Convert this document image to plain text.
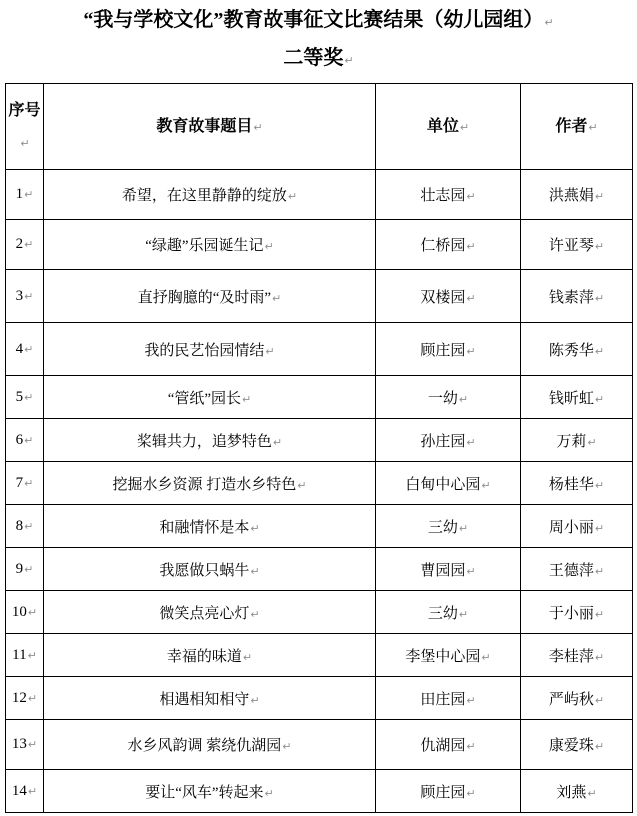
“我与学校文化”教育故事征文比赛结果（幼儿园组）↵
二等奖↵
序号↵	教育故事题目↵	单位↵	作者↵
1↵	希望，在这里静静的绽放↵	壮志园↵	洪燕娟↵
2↵	“绿趣”乐园诞生记↵	仁桥园↵	许亚琴↵
3↵	直抒胸臆的“及时雨”↵	双楼园↵	钱素萍↵
4↵	我的民艺怡园情结↵	顾庄园↵	陈秀华↵
5↵	“管纸”园长↵	一幼↵	钱昕虹↵
6↵	桨辑共力，追梦特色↵	孙庄园↵	万莉↵
7↵	挖掘水乡资源 打造水乡特色↵	白甸中心园↵	杨桂华↵
8↵	和融情怀是本↵	三幼↵	周小丽↵
9↵	我愿做只蜗牛↵	曹园园↵	王德萍↵
10↵	微笑点亮心灯↵	三幼↵	于小丽↵
11↵	幸福的味道↵	李堡中心园↵	李桂萍↵
12↵	相遇相知相守↵	田庄园↵	严屿秋↵
13↵	水乡风韵调 萦绕仇湖园↵	仇湖园↵	康爱珠↵
14↵	要让“风车”转起来↵	顾庄园↵	刘燕↵
